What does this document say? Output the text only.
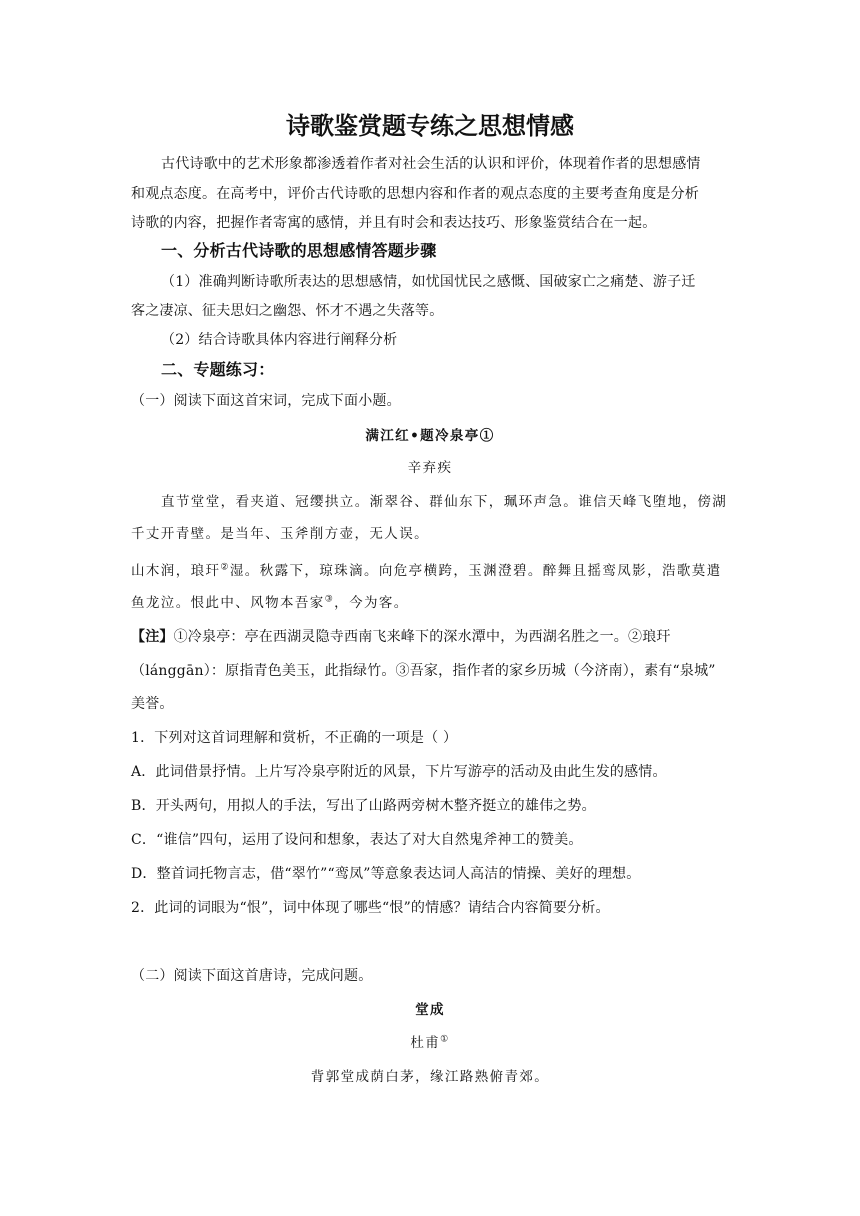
诗歌鉴赏题专练之思想情感
古代诗歌中的艺术形象都渗透着作者对社会生活的认识和评价，体现着作者的思想感情
和观点态度。在高考中，评价古代诗歌的思想内容和作者的观点态度的主要考查角度是分析
诗歌的内容，把握作者寄寓的感情，并且有时会和表达技巧、形象鉴赏结合在一起。
一、分析古代诗歌的思想感情答题步骤
（1）准确判断诗歌所表达的思想感情，如忧国忧民之感慨、国破家亡之痛楚、游子迁
客之凄凉、征夫思妇之幽怨、怀才不遇之失落等。
（2）结合诗歌具体内容进行阐释分析
二、专题练习：
（一）阅读下面这首宋词，完成下面小题。
满江红•题冷泉亭①
辛弃疾
直节堂堂，看夹道、冠缨拱立。渐翠谷、群仙东下，珮环声急。谁信天峰飞堕地，傍湖
千丈开青壁。是当年、玉斧削方壶，无人误。
山木润，琅玕②湿。秋露下，琼珠滴。向危亭横跨，玉渊澄碧。醉舞且摇鸾凤影，浩歌莫遣
鱼龙泣。恨此中、风物本吾家③，今为客。
【注】①冷泉亭：亭在西湖灵隐寺西南飞来峰下的深水潭中，为西湖名胜之一。②琅玕
（lánggān）：原指青色美玉，此指绿竹。③吾家，指作者的家乡历城（今济南），素有“泉城”
美誉。
1．下列对这首词理解和赏析，不正确的一项是（ ）
A．此词借景抒情。上片写冷泉亭附近的风景，下片写游亭的活动及由此生发的感情。
B．开头两句，用拟人的手法，写出了山路两旁树木整齐挺立的雄伟之势。
C．“谁信”四句，运用了设问和想象，表达了对大自然鬼斧神工的赞美。
D．整首词托物言志，借“翠竹”“鸾凤”等意象表达词人高洁的情操、美好的理想。
2．此词的词眼为“恨”，词中体现了哪些“恨”的情感？请结合内容简要分析。
（二）阅读下面这首唐诗，完成问题。
堂成
杜甫①
背郭堂成荫白茅，缘江路熟俯青郊。
